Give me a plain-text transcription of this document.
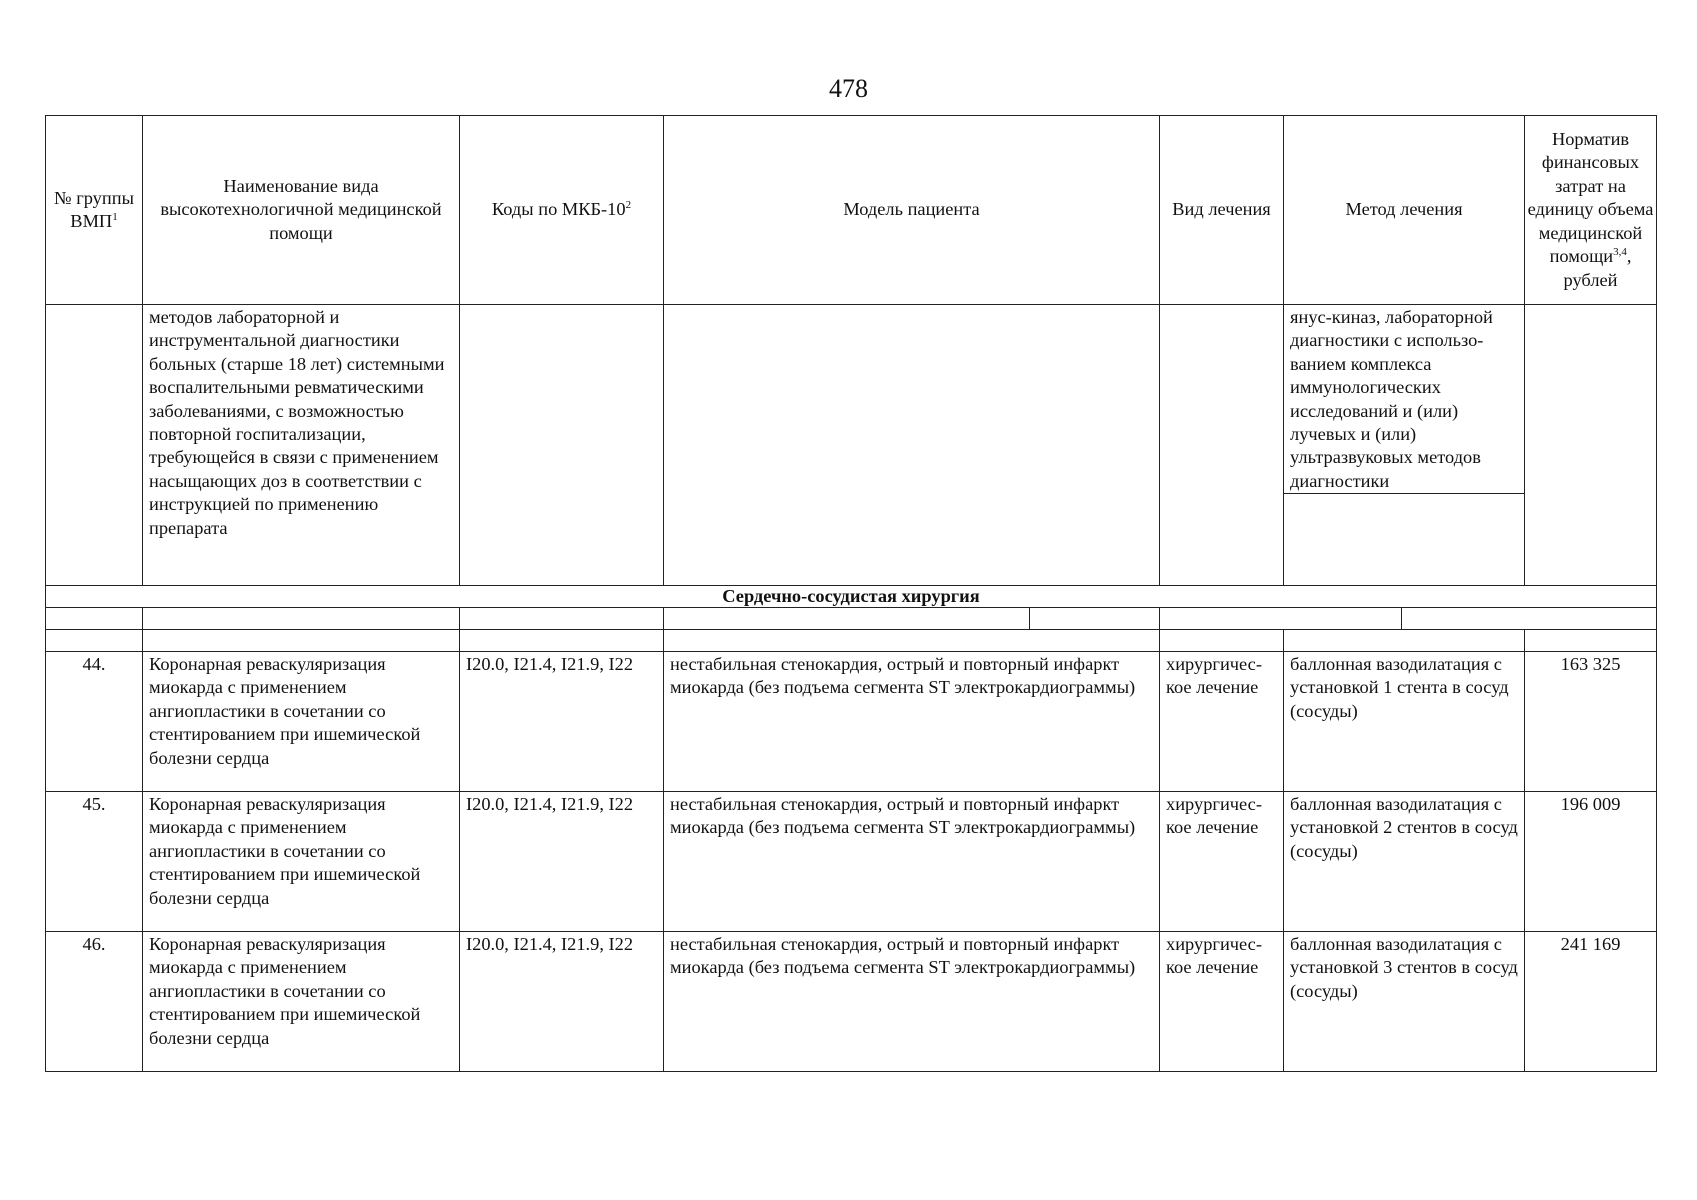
478
№ группы ВМП$^1$	Наименование вида высокотехнологичной медицинской помощи	Коды по МКБ-$10^2$	Модель пациента		Вид лечения	Метод лечения		Норматив финансовых затрат на единицу объема медицинской помощи$^{3,4}$, рублей
	методов лабораторной и инструментальной диагностики больных (старше 18 лет) системными воспалительными ревматическими заболеваниями, с возможностью повторной госпитализации, требующейся в связи с применением насыщающих доз в соответствии с инструкцией по применению препарата					янус-киназ, лабораторной диагностики с использо-ванием комплекса иммунологических исследований и (или) лучевых и (или) ультразвуковых методов диагностики		

Сердечно-сосудистая хирургия								

44.	Коронарная реваскуляризация миокарда с применением ангиопластики в сочетании со стентированием при ишемической болезни сердца	I20.0, I21.4, I21.9, I22	нестабильная стенокардия, острый и повторный инфаркт миокарда (без подъема сегмента ST электрокардиограммы)		хирургичес-кое лечение	баллонная вазодилатация с установкой 1 стента в сосуд (сосуды)		163 325
45.	Коронарная реваскуляризация миокарда с применением ангиопластики в сочетании со стентированием при ишемической болезни сердца	I20.0, I21.4, I21.9, I22	нестабильная стенокардия, острый и повторный инфаркт миокарда (без подъема сегмента ST электрокардиограммы)		хирургичес-кое лечение	баллонная вазодилатация с установкой 2 стентов в сосуд (сосуды)		196 009
46.	Коронарная реваскуляризация миокарда с применением ангиопластики в сочетании со стентированием при ишемической болезни сердца	I20.0, I21.4, I21.9, I22	нестабильная стенокардия, острый и повторный инфаркт миокарда (без подъема сегмента ST электрокардиограммы)		хирургичес-кое лечение	баллонная вазодилатация с установкой 3 стентов в сосуд (сосуды)		241 169
